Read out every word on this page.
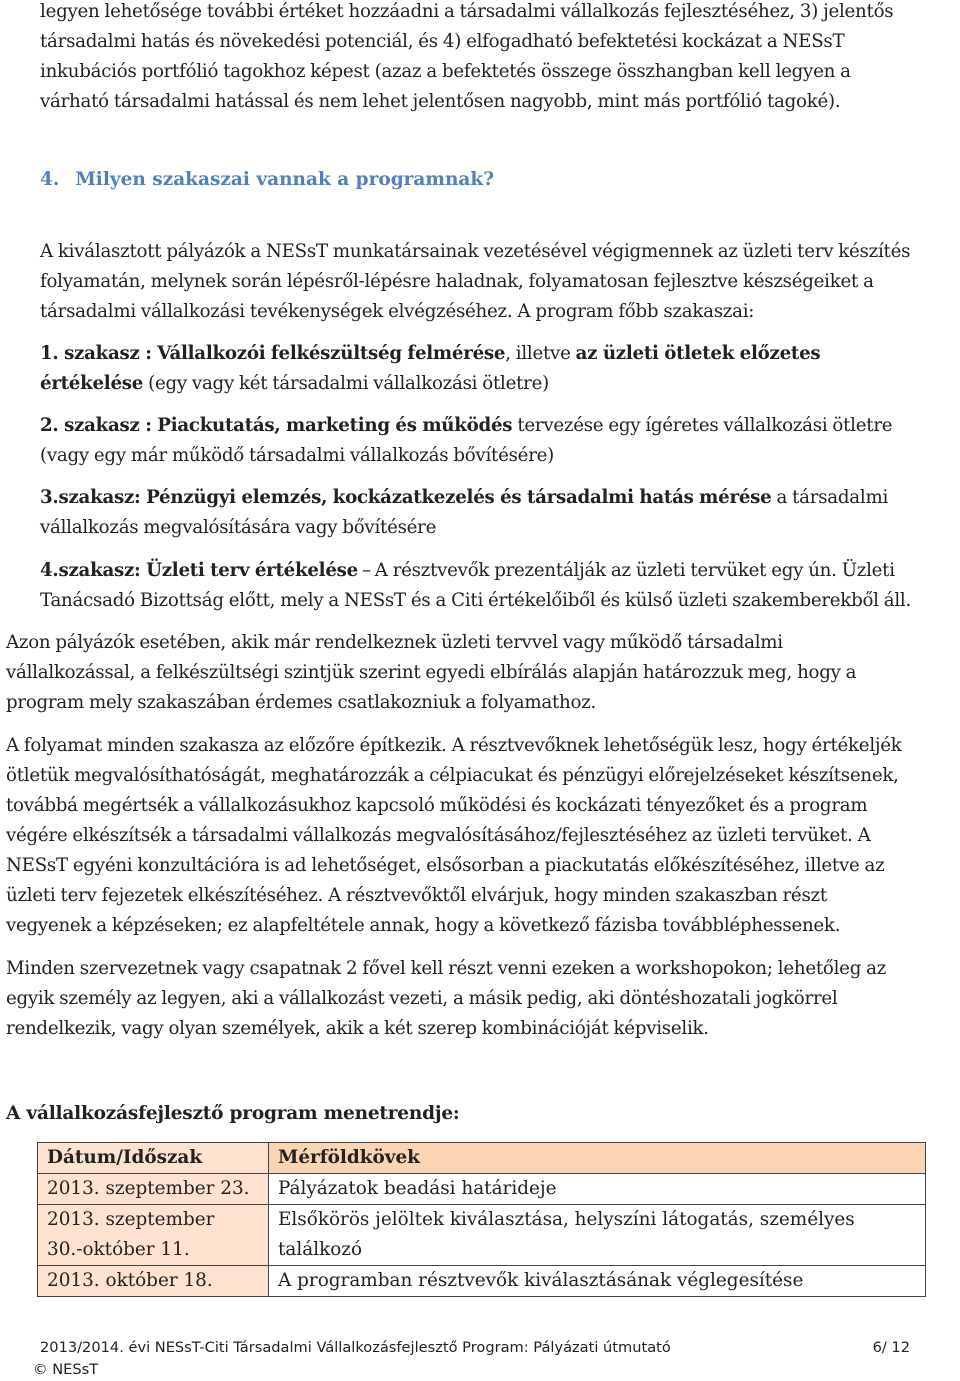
legyen lehetősége további értéket hozzáadni a társadalmi vállalkozás fejlesztéséhez, 3) jelentős
társadalmi hatás és növekedési potenciál, és 4) elfogadható befektetési kockázat a NESsT
inkubációs portfólió tagokhoz képest (azaz a befektetés összege összhangban kell legyen a
várható társadalmi hatással és nem lehet jelentősen nagyobb, mint más portfólió tagoké).
4. Milyen szakaszai vannak a programnak?
A kiválasztott pályázók a NESsT munkatársainak vezetésével végigmennek az üzleti terv készítés
folyamatán, melynek során lépésről-lépésre haladnak, folyamatosan fejlesztve készségeiket a
társadalmi vállalkozási tevékenységek elvégzéséhez. A program főbb szakaszai:
1. szakasz : Vállalkozói felkészültség felmérése, illetve az üzleti ötletek előzetes
értékelése (egy vagy két társadalmi vállalkozási ötletre)
2. szakasz : Piackutatás, marketing és működés tervezése egy ígéretes vállalkozási ötletre
(vagy egy már működő társadalmi vállalkozás bővítésére)
3.szakasz: Pénzügyi elemzés, kockázatkezelés és társadalmi hatás mérése a társadalmi
vállalkozás megvalósítására vagy bővítésére
4.szakasz: Üzleti terv értékelése – A résztvevők prezentálják az üzleti tervüket egy ún. Üzleti
Tanácsadó Bizottság előtt, mely a NESsT és a Citi értékelőiből és külső üzleti szakemberekből áll.
Azon pályázók esetében, akik már rendelkeznek üzleti tervvel vagy működő társadalmi
vállalkozással, a felkészültségi szintjük szerint egyedi elbírálás alapján határozzuk meg, hogy a
program mely szakaszában érdemes csatlakozniuk a folyamathoz.
A folyamat minden szakasza az előzőre építkezik. A résztvevőknek lehetőségük lesz, hogy értékeljék
ötletük megvalósíthatóságát, meghatározzák a célpiacukat és pénzügyi előrejelzéseket készítsenek,
továbbá megértsék a vállalkozásukhoz kapcsoló működési és kockázati tényezőket és a program
végére elkészítsék a társadalmi vállalkozás megvalósításához/fejlesztéséhez az üzleti tervüket. A
NESsT egyéni konzultációra is ad lehetőséget, elsősorban a piackutatás előkészítéséhez, illetve az
üzleti terv fejezetek elkészítéséhez. A résztvevőktől elvárjuk, hogy minden szakaszban részt
vegyenek a képzéseken; ez alapfeltétele annak, hogy a következő fázisba továbbléphessenek.
Minden szervezetnek vagy csapatnak 2 fővel kell részt venni ezeken a workshopokon; lehetőleg az
egyik személy az legyen, aki a vállalkozást vezeti, a másik pedig, aki döntéshozatali jogkörrel
rendelkezik, vagy olyan személyek, akik a két szerep kombinációját képviselik.
A vállalkozásfejlesztő program menetrendje:
Dátum/Időszak	Mérföldkövek
2013. szeptember 23.	Pályázatok beadási határideje

2013. szeptember
30.-október 11.	Elsőkörös jelöltek kiválasztása, helyszíni látogatás, személyes
találkozó

2013. október 18.	A programban résztvevők kiválasztásának véglegesítése
2013/2014. évi NESsT-Citi Társadalmi Vállalkozásfejlesztő Program: Pályázati útmutató	6/ 12
© NESsT
